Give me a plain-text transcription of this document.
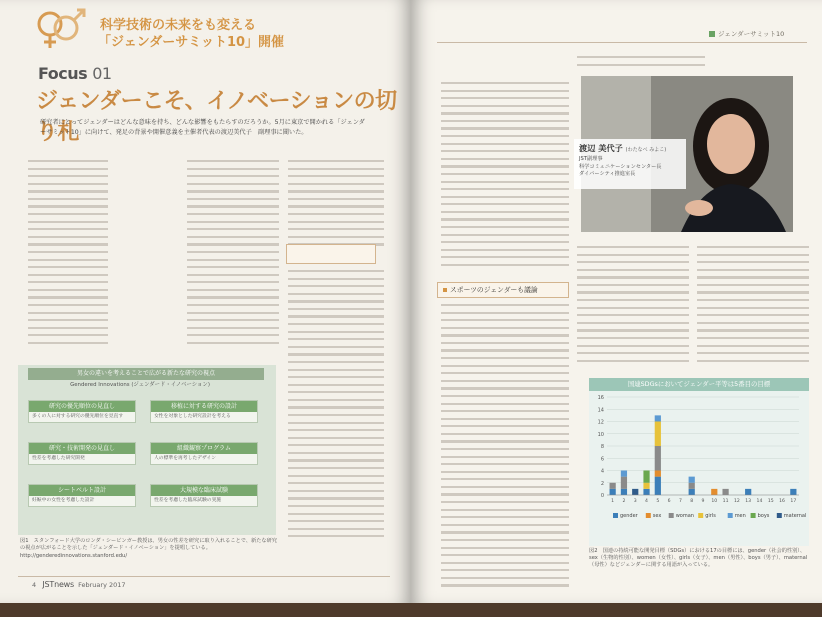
科学技術の未来をも変える
「ジェンダーサミット10」開催
Focus 01
ジェンダーこそ、イノベーションの切り札
研究者にとってジェンダーはどんな意味を持ち、どんな影響をもたらすのだろうか。5月に東京で開かれる「ジェンダーサミット10」に向けて、発足の背景や開催意義を主催者代表の渡辺美代子　副理事に聞いた。
男女の違いを考えることで広がる新たな研究の視点
Gendered Innovations (ジェンダード・イノベーション)
研究の優先順位の見直し
多くの人に対する研究の優先順位を見直す
移植に対する研究の設計
女性を対象とした研究設計を考える
研究・技術開発の見直し
性差を考慮した研究開発
組織観察プログラム
人の標準を再考したデザイン
シートベルト設計
妊娠中の女性を考慮した設計
大規模な臨床試験
性差を考慮した臨床試験の実施
図1　スタンフォード大学のロンダ・シービンガー教授は、男女の性差を研究に取り入れることで、新たな研究の視点が広がることを示した「ジェンダード・イノベーション」を提唱している。 http://genderedinnovations.stanford.edu/
4 JSTnews February 2017
ジェンダーサミット10
渡辺 美代子 (わたなべ みよこ)
JST副理事
科学コミュニケーションセンター長
ダイバーシティ推進室長
スポーツのジェンダーも議論
国連SDGsにおいてジェンダー平等は5番目の目標
0
2
4
6
8
10
12
14
16
1 2 3 4 5 6 7 8 9 10 11 12 13 14 15 16 17
gender	sex	woman girls	men boys	maternal
図2　国連の持続可能な開発目標（SDGs）における17の目標には、gender（社会的性別）、sex（生物的性別）、women（女性）、girls（女子）、men（男性）、boys（男子）、maternal（母性）などジェンダーに関する用語が入っている。
